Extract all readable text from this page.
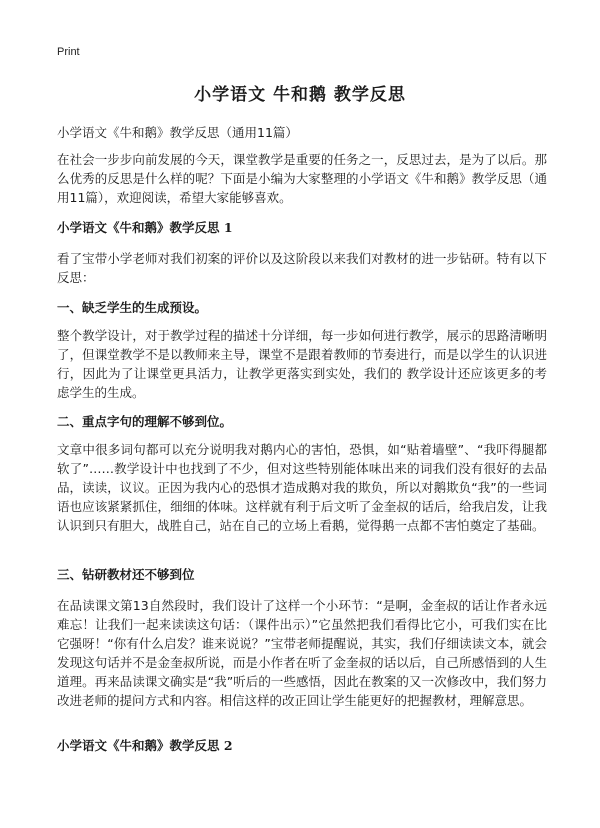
Print
小学语文 牛和鹅 教学反思
小学语文《牛和鹅》教学反思（通用11篇）

在社会一步步向前发展的今天，课堂教学是重要的任务之一，反思过去，是为了以后。那么优秀的反思是什么样的呢？下面是小编为大家整理的小学语文《牛和鹅》教学反思（通用11篇），欢迎阅读，希望大家能够喜欢。

小学语文《牛和鹅》教学反思 1

看了宝带小学老师对我们初案的评价以及这阶段以来我们对教材的进一步钻研。特有以下反思：

一、缺乏学生的生成预设。

整个教学设计，对于教学过程的描述十分详细，每一步如何进行教学，展示的思路清晰明了，但课堂教学不是以教师来主导，课堂不是跟着教师的节奏进行，而是以学生的认识进行，因此为了让课堂更具活力，让教学更落实到实处，我们的 教学设计还应该更多的考虑学生的生成。

二、重点字句的理解不够到位。

文章中很多词句都可以充分说明我对鹅内心的害怕，恐惧，如“贴着墙壁”、“我吓得腿都软了”……教学设计中也找到了不少，但对这些特别能体味出来的词我们没有很好的去品品，读读，议议。正因为我内心的恐惧才造成鹅对我的欺负，所以对鹅欺负“我”的一些词语也应该紧紧抓住，细细的体味。这样就有利于后文听了金奎叔的话后，给我启发，让我认识到只有胆大，战胜自己，站在自己的立场上看鹅，觉得鹅一点都不害怕奠定了基础。

三、钻研教材还不够到位

在品读课文第13自然段时，我们设计了这样一个小环节：“是啊，金奎叔的话让作者永远难忘！让我们一起来读读这句话：（课件出示）”它虽然把我们看得比它小，可我们实在比它强呀！“你有什么启发？谁来说说？”宝带老师提醒说，其实，我们仔细读读文本，就会发现这句话并不是金奎叔所说，而是小作者在听了金奎叔的话以后，自己所感悟到的人生道理。再来品读课文确实是“我”听后的一些感悟，因此在教案的又一次修改中，我们努力改进老师的提问方式和内容。相信这样的改正回让学生能更好的把握教材，理解意思。

小学语文《牛和鹅》教学反思 2
